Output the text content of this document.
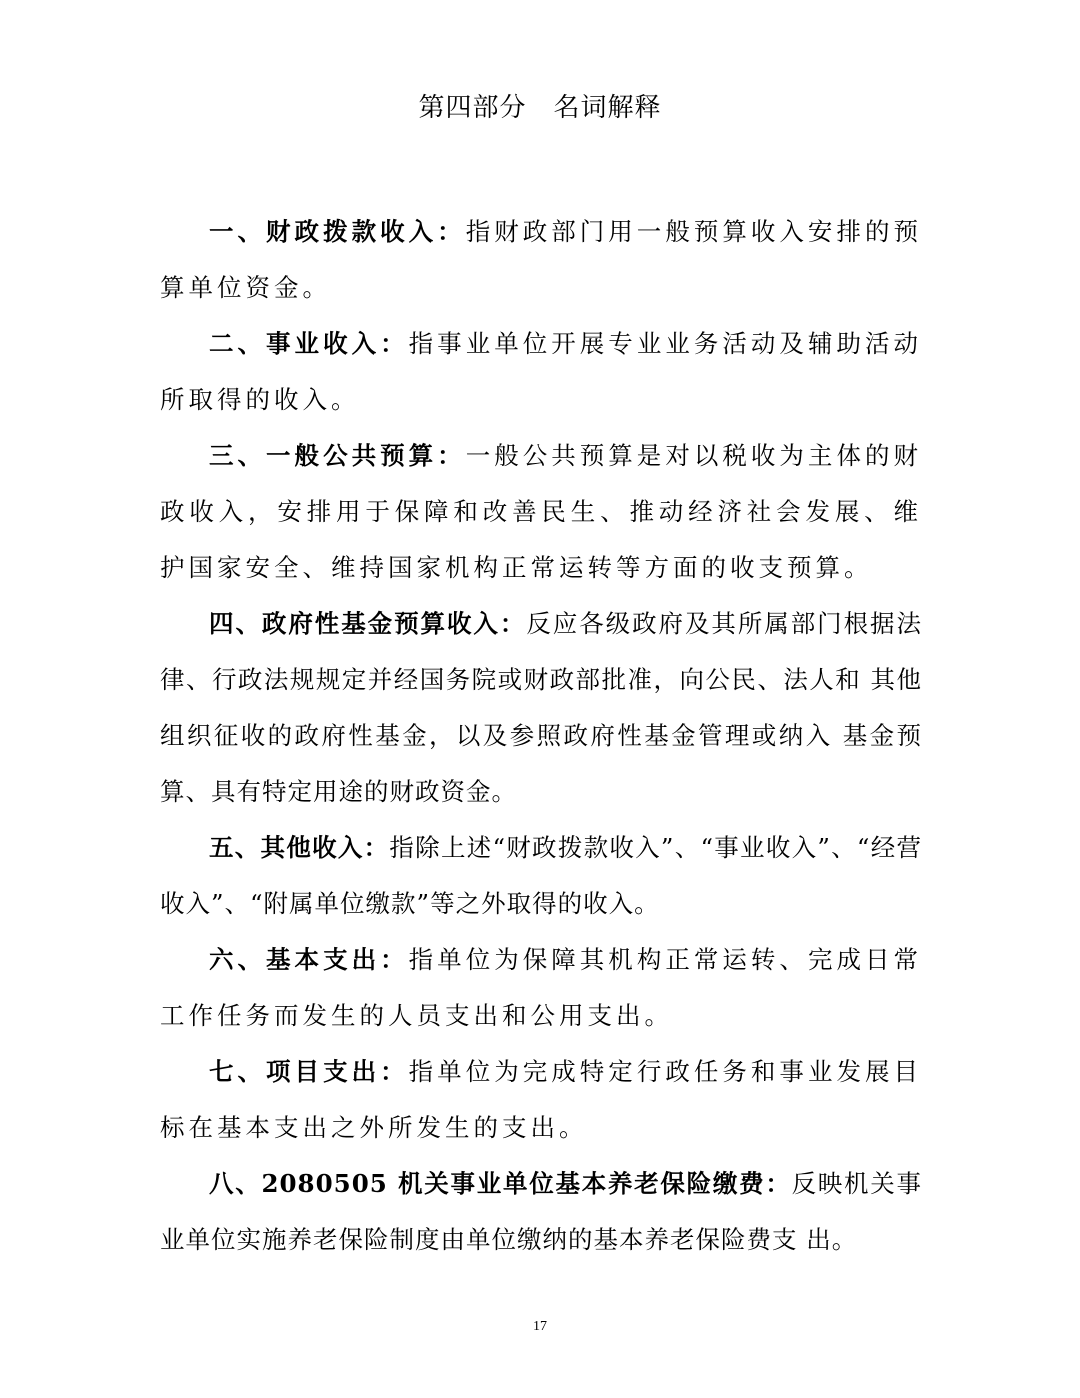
第四部分　名词解释

一、财政拨款收入：指财政部门用一般预算收入安排的预算单位资金。

二、事业收入：指事业单位开展专业业务活动及辅助活动所取得的收入。

三、一般公共预算：一般公共预算是对以税收为主体的财政收入，安排用于保障和改善民生、推动经济社会发展、维护国家安全、维持国家机构正常运转等方面的收支预算。

四、政府性基金预算收入：反应各级政府及其所属部门根据法 律、行政法规规定并经国务院或财政部批准，向公民、法人和 其他组织征收的政府性基金，以及参照政府性基金管理或纳入 基金预算、具有特定用途的财政资金。

五、其他收入：指除上述“财政拨款收入”、“事业收入”、“经营收入”、“附属单位缴款”等之外取得的收入。

六、基本支出：指单位为保障其机构正常运转、完成日常工作任务而发生的人员支出和公用支出。

七、项目支出：指单位为完成特定行政任务和事业发展目标在基本支出之外所发生的支出。

八、2080505 机关事业单位基本养老保险缴费：反映机关事业单位实施养老保险制度由单位缴纳的基本养老保险费支 出。

17
